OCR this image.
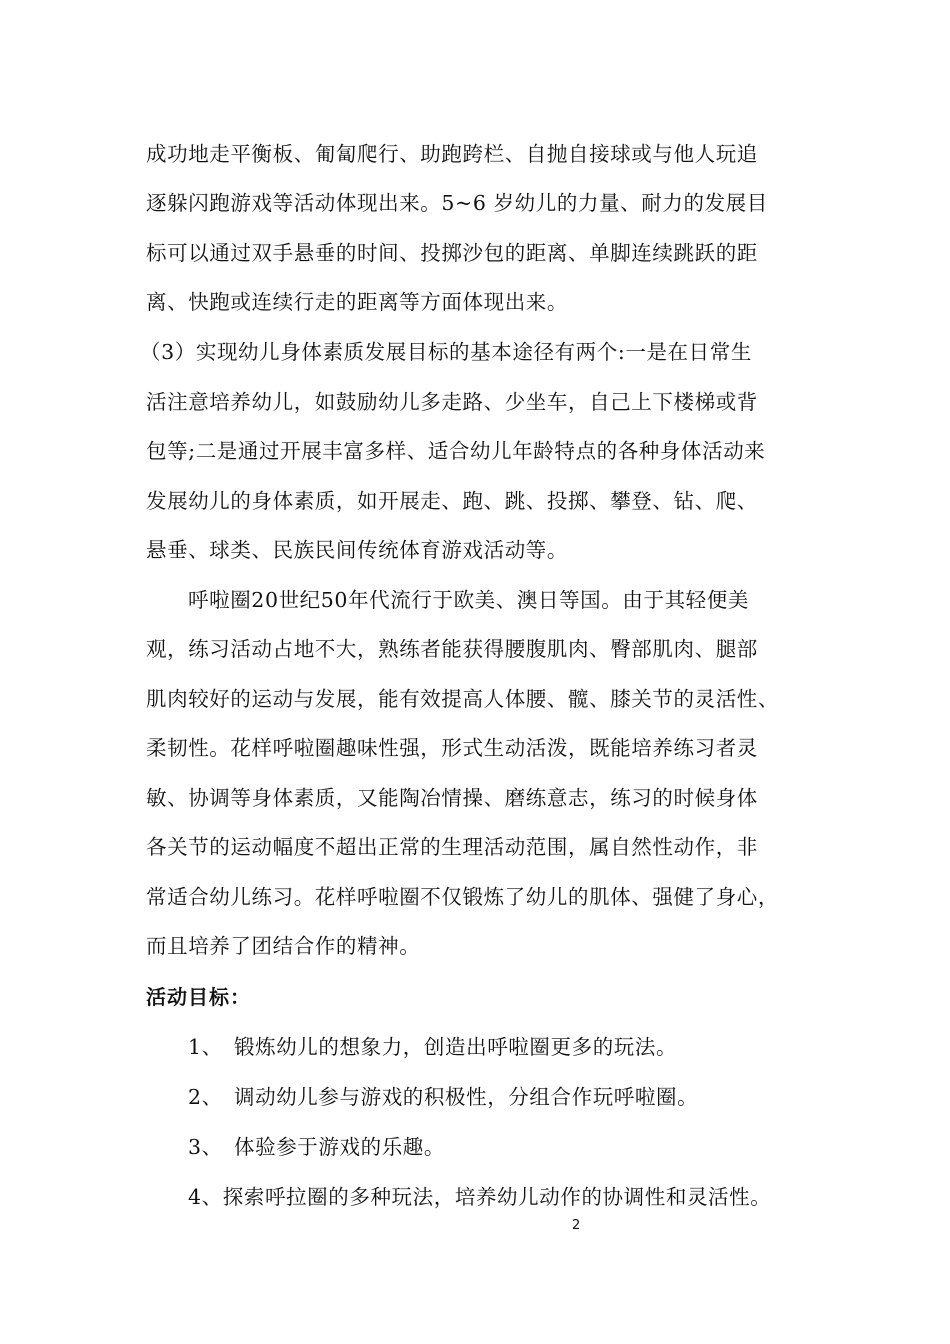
成功地走平衡板、匍匐爬行、助跑跨栏、自抛自接球或与他人玩追
逐躲闪跑游戏等活动体现出来。5~6 岁幼儿的力量、耐力的发展目
标可以通过双手悬垂的时间、投掷沙包的距离、单脚连续跳跃的距
离、快跑或连续行走的距离等方面体现出来。
（3）实现幼儿身体素质发展目标的基本途径有两个:一是在日常生
活注意培养幼儿，如鼓励幼儿多走路、少坐车，自己上下楼梯或背
包等;二是通过开展丰富多样、适合幼儿年龄特点的各种身体活动来
发展幼儿的身体素质，如开展走、跑、跳、投掷、攀登、钻、爬、
悬垂、球类、民族民间传统体育游戏活动等。
呼啦圈20世纪50年代流行于欧美、澳日等国。由于其轻便美
观，练习活动占地不大，熟练者能获得腰腹肌肉、臀部肌肉、腿部
肌肉较好的运动与发展，能有效提高人体腰、髋、膝关节的灵活性、
柔韧性。花样呼啦圈趣味性强，形式生动活泼，既能培养练习者灵
敏、协调等身体素质，又能陶冶情操、磨练意志，练习的时候身体
各关节的运动幅度不超出正常的生理活动范围，属自然性动作，非
常适合幼儿练习。花样呼啦圈不仅锻炼了幼儿的肌体、强健了身心，
而且培养了团结合作的精神。
活动目标：
1、 锻炼幼儿的想象力，创造出呼啦圈更多的玩法。
2、 调动幼儿参与游戏的积极性，分组合作玩呼啦圈。
3、 体验参于游戏的乐趣。
4、探索呼拉圈的多种玩法，培养幼儿动作的协调性和灵活性。
2
